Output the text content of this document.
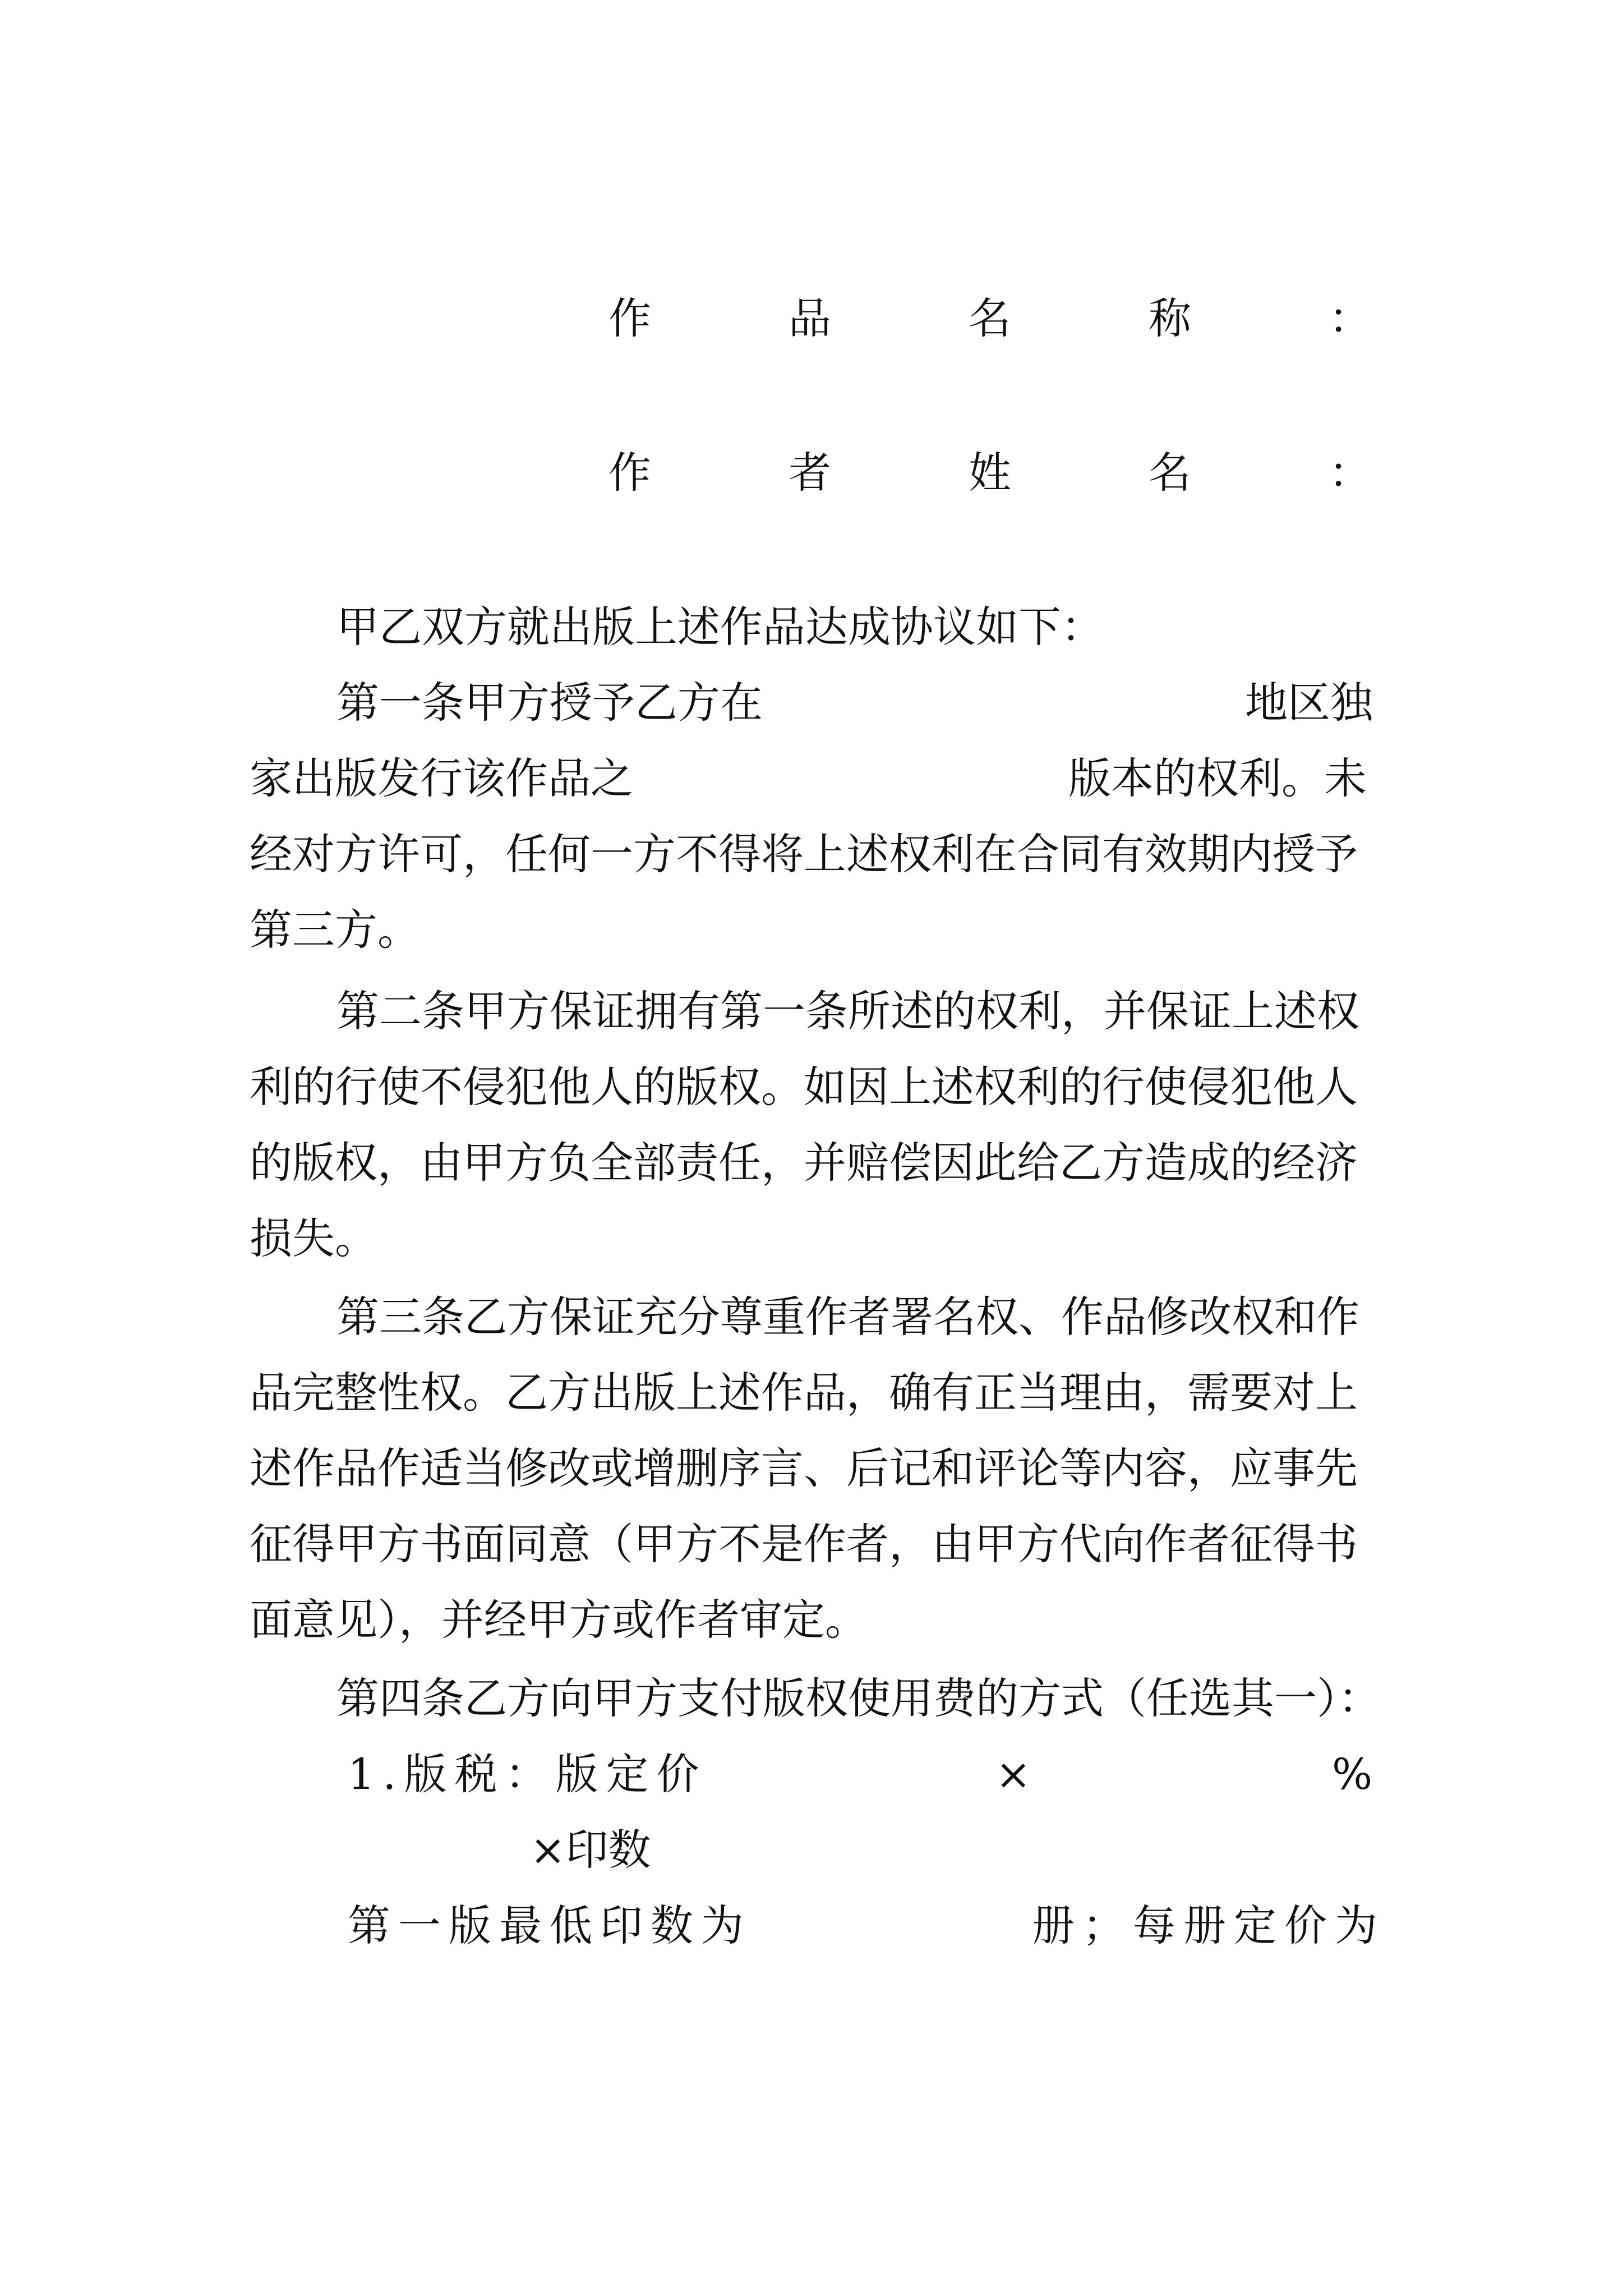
作	品	名	称	：
作	者	姓	名	：
甲乙双方就出版上述作品达成协议如下：
第一条甲方授予乙方在	地区独
家出版发行该作品之	版本的权利。未
经对方许可，任何一方不得将上述权利在合同有效期内授予
第三方。
第二条甲方保证拥有第一条所述的权利，并保证上述权
利的行使不侵犯他人的版权。如因上述权利的行使侵犯他人
的版权，由甲方负全部责任，并赔偿因此给乙方造成的经济
损失。
第三条乙方保证充分尊重作者署名权、作品修改权和作
品完整性权。乙方出版上述作品，确有正当理由，需要对上
述作品作适当修改或增删序言、后记和评论等内容，应事先
征得甲方书面同意（甲方不是作者，由甲方代向作者征得书
面意见），并经甲方或作者审定。
第四条乙方向甲方支付版权使用费的方式（任选其一）：
1.版税：版定价	×	%
×印数
第一版最低印数为	册；每册定价为
